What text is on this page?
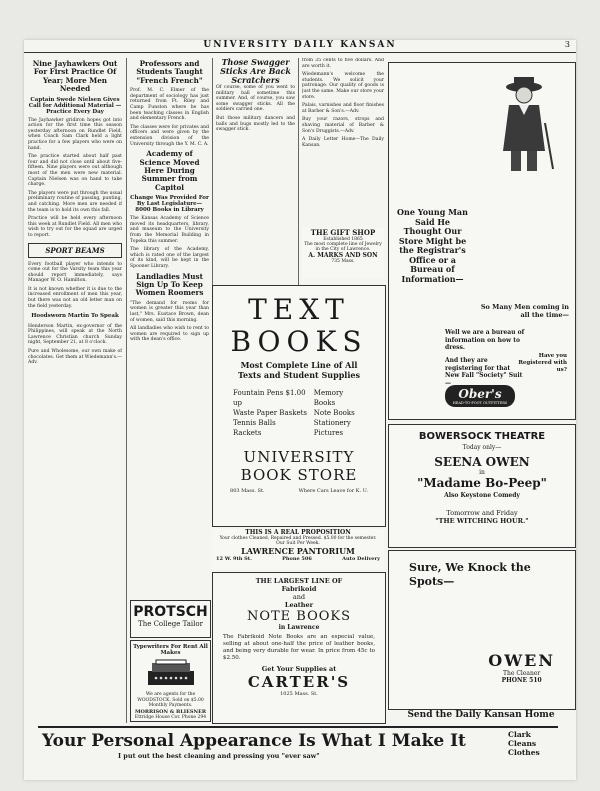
UNIVERSITY DAILY KANSAN	3
Nine Jayhawkers Out For First Practice Of Year; More Men Needed
Captain Swede Nielsen Gives Call for Additional Material —Practice Every Day

The Jayhawker gridiron hopes got into action for the first time this season yesterday afternoon on Rundlet Field, when Coach Sam Clark held a light practice for a few players who were on hand.

The practice started about half past four and did not close until about five-fifteen. Nine players were out although most of the men were new material. Captain Nielsen was on hand to take charge.

The players were put through the usual preliminary routine of passing, punting, and catching. More men are needed if the team is to hold its own this fall.

Practice will be held every afternoon this week at Rundlet Field. All men who wish to try out for the squad are urged to report.

SPORT BEAMS

Every football player who intends to come out for the Varsity team this year should report immediately, says Manager W. O. Hamilton.

It is not known whether it is due to the increased enrollment of men this year, but there was not an old letter man on the field yesterday.

Hoodsworn Martin To Speak

Henderson Martin, ex-governor of the Philippines, will speak at the North Lawrence Christian church Sunday night, September 21, at 8 o'clock.

Pure and Wholesome, our own make of chocolates. Get them at Wiedemann's.—Adv.

Professors and Students Taught "French French"

Prof. M. C. Elmer of the department of sociology has just returned from Ft. Riley and Camp Funston where he has been teaching classes in English and elementary French.

The classes were for privates and officers and were given by the extension division of the University through the Y. M. C. A.

Academy of Science Moved Here During Summer from Capitol
Change Was Provided For By Last Legislature—8000 Books in Library

The Kansas Academy of Science moved its headquarters, library, and museum to the University from the Memorial Building in Topeka this summer.

The library of the Academy, which is rated one of the largest of its kind, will be kept in the Spooner Library.

Landladies Must Sign Up To Keep Women Roomers

"The demand for rooms for women is greater this year than last," Mrs. Eustace Brown, dean of women, said this morning.

All landladies who wish to rent to women are required to sign up with the dean's office.

PROTSCH
The College Tailor
Typewriters For Rent All Makes
We are agents for the WOODSTOCK. Sold on $5.00 Monthly Payments.
MORRISON & BLIESNER
Ettridge House Cor. Phone 294
Those Swagger Sticks Are Back Scratchers

Of course, some of you went to military ball sometime this summer. And, of course, you saw some swagger sticks. All the soldiers carried one.

But those military dancers and balls and bugs mostly led to the swagger stick.

from 35 cents to five dollars. And are worth it.

Wiedemann's welcome the students. We solicit your patronage. Our quality of goods is just the same. Make our store your store.

Palais, varnishes and floor finishes at Barber & Son's.—Adv.

Buy your razors, strops and shaving material of Barber & Son's Druggists.—Adv.

A Daily Letter Home—The Daily Kansan.

THE GIFT SHOP
Established 1865
The most complete line of Jewelry in the City of Lawrence.
A. MARKS AND SON
735 Mass.
TEXT BOOKS
Most Complete Line of All Texts and Student Supplies
Fountain Pens $1.00 up
Waste Paper Baskets
Tennis Balls
Rackets
Memory Books
Note Books
Stationery
Pictures
UNIVERSITY BOOK STORE
803 Mass. St.	Where Cars Leave for K. U.
THIS IS A REAL PROPOSITION
Your clothes Cleaned, Repaired and Pressed. $5.00 for the semester. Our Suit Per Week.
LAWRENCE PANTORIUM
12 W. 9th St.	Phone 506	Auto Delivery
THE LARGEST LINE OF
Fabrikoid
and
Leather
NOTE BOOKS
in Lawrence
The Fabrikoid Note Books are an especial value, selling at about one-half the price of leather books, and being very durable for wear. In price from 45c to $2.50.
Get Your Supplies at
CARTER'S
1025 Mass. St.
One Young Man Said He Thought Our Store Might be the Registrar's Office or a Bureau of Information—
So Many Men coming in all the time—
Well we are a bureau of information on how to dress.
And they are registering for that New Fall "Society" Suit—
Have you Registered with us?
Ober's
HEAD-TO-FOOT OUTFITTERS
BOWERSOCK THEATRE
Today only—
SEENA OWEN
in
"Madame Bo-Peep"
Also Keystone Comedy
Tomorrow and Friday
"THE WITCHING HOUR."
Sure, We Knock the Spots—
OWEN
The Cleaner
PHONE 510
Send the Daily Kansan Home
Your Personal Appearance Is What I Make It
I put out the best cleaning and pressing you "ever saw"
Clark Cleans Clothes
